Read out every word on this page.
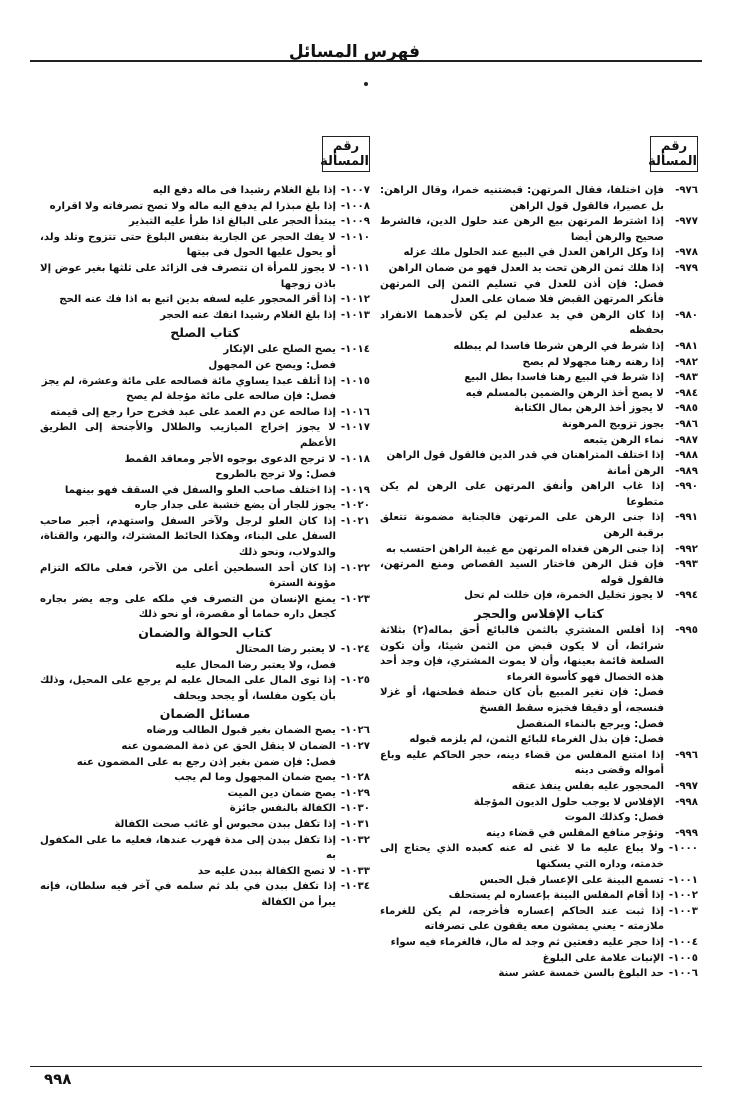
فهرس المسائل
رقم
المسألة
رقم
المسألة
٩٧٦-
فإن اختلفا، فقال المرتهن: قبضتنيه خمرا، وقال الراهن: بل عصيرا، فالقول قول الراهن
٩٧٧-
إذا اشترط المرتهن بيع الرهن عند حلول الدين، فالشرط صحيح والرهن أيضا
٩٧٨-
إذا وكل الراهن العدل في البيع عند الحلول ملك عزله
٩٧٩-
إذا هلك ثمن الرهن تحت يد العدل فهو من ضمان الراهن
فصل: فإن أذن للعدل في تسليم الثمن إلى المرتهن فأنكر المرتهن القبض فلا ضمان على العدل
٩٨٠-
إذا كان الرهن في يد عدلين لم يكن لأحدهما الانفراد بحفظه
٩٨١-
إذا شرط في الرهن شرطا فاسدا لم يبطله
٩٨٢-
إذا رهنه رهنا مجهولا لم يصح
٩٨٣-
إذا شرط في البيع رهنا فاسدا بطل البيع
٩٨٤-
لا يصح أخذ الرهن والضمين بالمسلم فيه
٩٨٥-
لا يجوز أخذ الرهن بمال الكتابة
٩٨٦-
يجوز تزويج المرهونة
٩٨٧-
نماء الرهن يتبعه
٩٨٨-
إذا اختلف المتراهنان في قدر الدين فالقول قول الراهن
٩٨٩-
الرهن أمانة
٩٩٠-
إذا غاب الراهن وأنفق المرتهن على الرهن لم يكن متطوعا
٩٩١-
إذا جنى الرهن على المرتهن فالجناية مضمونة تتعلق برقبة الرهن
٩٩٢-
إذا جنى الرهن فغداه المرتهن مع غيبة الراهن احتسب به
٩٩٣-
فإن قتل الرهن فاختار السيد القصاص ومنع المرتهن، فالقول قوله
٩٩٤-
لا يجوز تخليل الخمرة، فإن خللت لم تحل
كتاب الإفلاس والحجر
٩٩٥-
إذا أفلس المشتري بالثمن فالبائع أحق بماله(٢) بثلاثة شرائط، أن لا يكون قبض من الثمن شيئا، وأن تكون السلعة قائمة بعينها، وأن لا يموت المشتري، فإن وجد أحد هذه الخصال فهو كأسوة الغرماء
فصل: فإن تغير المبيع بأن كان حنطة فطحنها، أو غزلا فنسجه، أو دقيقا فخبزه سقط الفسخ
فصل: ويرجع بالنماء المنفصل
فصل: فإن بذل الغرماء للبائع الثمن، لم يلزمه قبوله
٩٩٦-
إذا امتنع المفلس من قضاء دينه، حجر الحاكم عليه وباع أمواله وقضى دينه
٩٩٧-
المحجور عليه بفلس ينفذ عتقه
٩٩٨-
الإفلاس لا يوجب حلول الديون المؤجلة
فصل: وكذلك الموت
٩٩٩-
وتؤجر منافع المفلس في قضاء دينه
١٠٠٠-
ولا يباع عليه ما لا غنى له عنه كعبده الذي يحتاج إلى خدمته، وداره التي يسكنها
١٠٠١-
تسمع البينة على الإعسار قبل الحبس
١٠٠٢-
إذا أقام المفلس البينة بإعساره لم يستحلف
١٠٠٣-
إذا ثبت عند الحاكم إعساره فأخرجه، لم يكن للغرماء ملازمته - يعني يمشون معه يقفون على تصرفاته
١٠٠٤-
إذا حجر عليه دفعتين ثم وجد له مال، فالغرماء فيه سواء
١٠٠٥-
الإنبات علامة على البلوغ
١٠٠٦-
حد البلوغ بالسن خمسة عشر سنة
١٠٠٧-
إذا بلغ الغلام رشيدا فى ماله دفع اليه
١٠٠٨-
إذا بلغ مبذرا لم يدفع اليه ماله ولا تصح تصرفاته ولا اقراره
١٠٠٩-
يبتدأ الحجر على البالغ اذا طرأ عليه التبذير
١٠١٠-
لا يفك الحجر عن الجارية بنفس البلوغ حتى تتزوج وتلد ولد، أو يحول عليها الحول فى بيتها
١٠١١-
لا يجوز للمرأة ان تتصرف فى الزائد على ثلثها بغير عوض إلا باذن زوجها
١٠١٢-
إذا أقر المحجور عليه لسفه بدين اتبع به اذا فك عنه الحج
١٠١٣-
إذا بلغ الغلام رشيدا انفك عنه الحجر
كتاب الصلح
١٠١٤-
يصح الصلح على الإنكار
فصل: ويصح عن المجهول
١٠١٥-
إذا أتلف عبدا يساوي مائة فصالحه على مائة وعشرة، لم يجز
فصل: فإن صالحه على مائة مؤجلة لم يصح
١٠١٦-
إذا صالحه عن دم العمد على عبد فخرج حرا رجع إلى قيمته
١٠١٧-
لا يجوز إخراج الميازيب والطلال والأجنحة إلى الطريق الأعظم
١٠١٨-
لا ترجح الدعوى بوجوه الأجر ومعاقد القمط
فصل: ولا ترجح بالطروح
١٠١٩-
إذا اختلف صاحب العلو والسفل في السقف فهو بينهما
١٠٢٠-
يجوز للجار أن يضع خشبة على جدار جاره
١٠٢١-
إذا كان العلو لرجل ولآخر السفل واستهدم، أجبر صاحب السفل على البناء، وهكذا الحائط المشترك، والنهر، والقناة، والدولاب، ونحو ذلك
١٠٢٢-
إذا كان أحد السطحين أعلى من الآخر، فعلى مالكه التزام مؤونة السترة
١٠٢٣-
يمنع الإنسان من التصرف في ملكه على وجه يضر بجاره كجعل داره حماما أو مقصرة، أو نحو ذلك
كتاب الحوالة والضمان
١٠٢٤-
لا يعتبر رضا المحتال
فصل، ولا يعتبر رضا المحال عليه
١٠٢٥-
إذا توى المال على المحال عليه لم يرجع على المحيل، وذلك بأن يكون مفلسا، أو يجحد ويحلف
مسائل الضمان
١٠٢٦-
يصح الضمان بغير قبول الطالب ورضاه
١٠٢٧-
الضمان لا ينقل الحق عن ذمة المضمون عنه
فصل: فإن ضمن بغير إذن رجع به على المضمون عنه
١٠٢٨-
يصح ضمان المجهول وما لم يجب
١٠٢٩-
يصح ضمان دين الميت
١٠٣٠-
الكفالة بالنفس جائزة
١٠٣١-
إذا تكفل ببدن محبوس أو غائب صحت الكفالة
١٠٣٢-
إذا تكفل ببدن إلى مدة فهرب عندها، فعليه ما على المكفول به
١٠٣٣-
لا تصح الكفالة ببدن عليه حد
١٠٣٤-
إذا تكفل ببدن في بلد ثم سلمه في آخر فيه سلطان، فإنه يبرأ من الكفالة
٩٩٨
